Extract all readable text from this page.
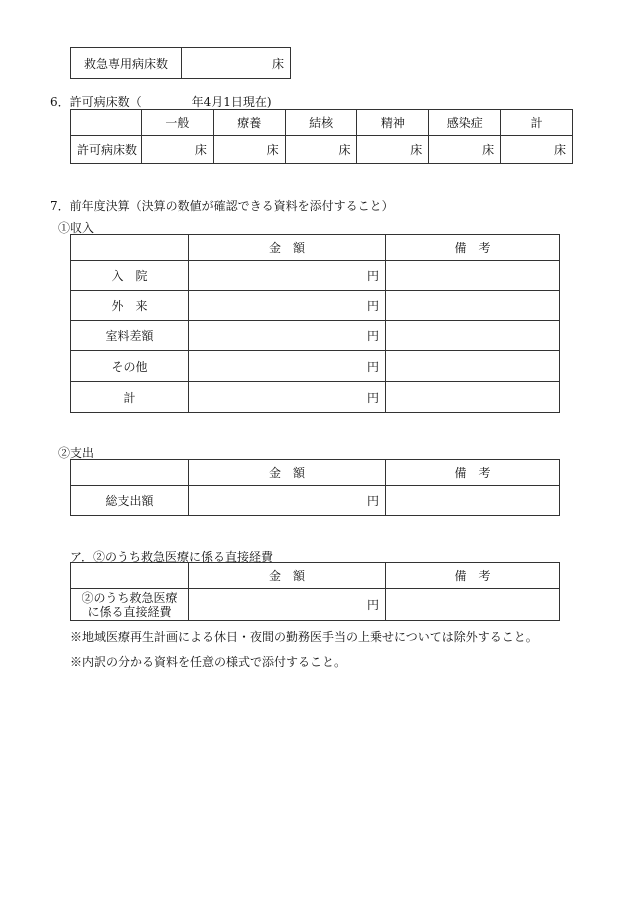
救急専用病床数	床
6．許可病床数（	年4月1日現在)
	一般	療養	結核	精神	感染症	計
許可病床数	床	床	床	床	床	床
7．前年度決算（決算の数値が確認できる資料を添付すること）
①収入
	金　額	備　考
入　院	円	
外　来	円	
室料差額	円	
その他	円	
計	円	
②支出
	金　額	備　考
総支出額	円	
ア．②のうち救急医療に係る直接経費
	金　額	備　考

②のうち救急医療
に係る直接経費	円	
※地域医療再生計画による休日・夜間の勤務医手当の上乗せについては除外すること。
※内訳の分かる資料を任意の様式で添付すること。
